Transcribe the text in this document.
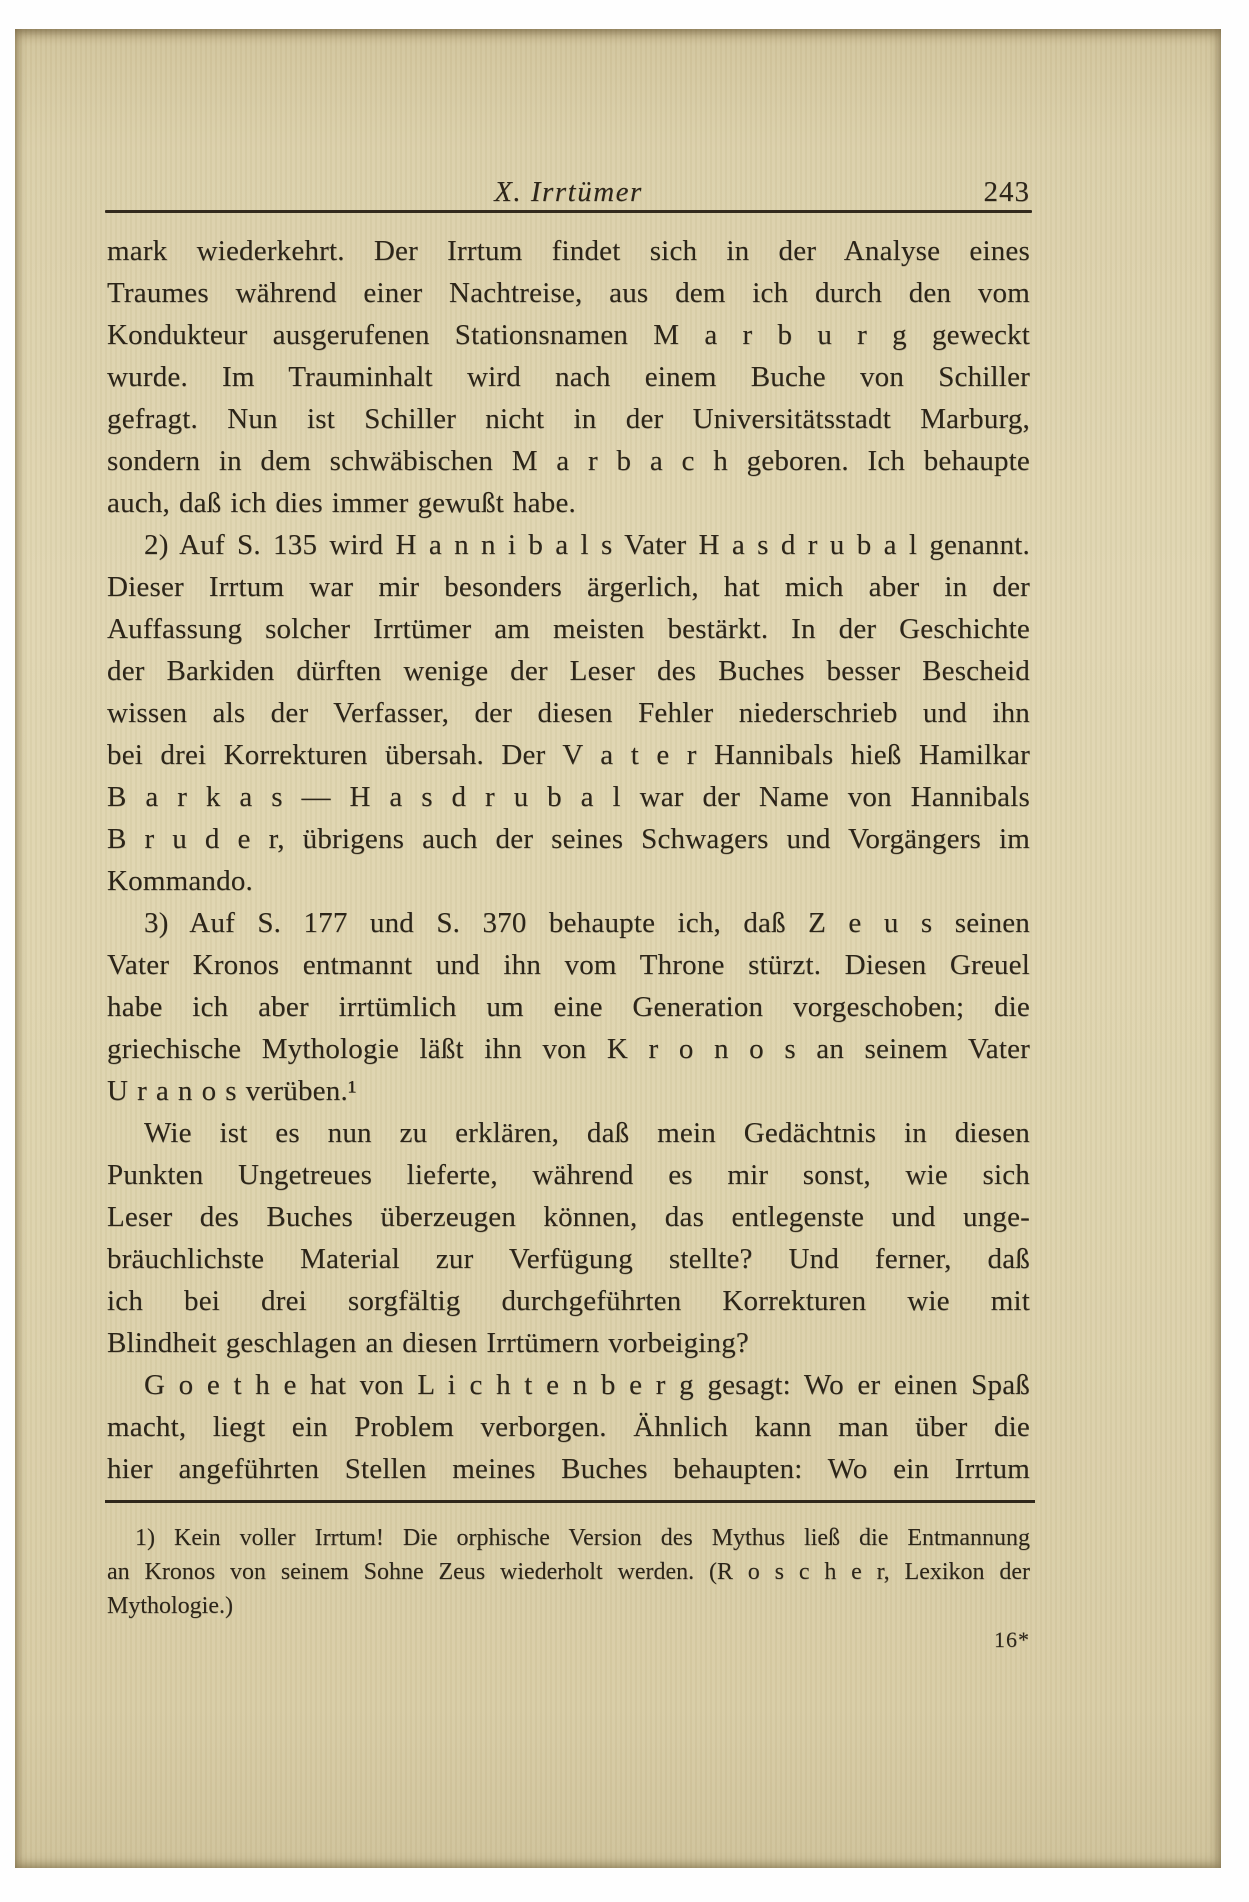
X. Irrtümer	243
mark wiederkehrt. Der Irrtum findet sich in der Analyse eines
Traumes während einer Nachtreise, aus dem ich durch den vom
Kondukteur ausgerufenen Stationsnamen M a r b u r g geweckt
wurde. Im Trauminhalt wird nach einem Buche von Schiller
gefragt. Nun ist Schiller nicht in der Universitätsstadt Marburg,
sondern in dem schwäbischen M a r b a c h geboren. Ich behaupte
auch, daß ich dies immer gewußt habe.
2) Auf S. 135 wird H a n n i b a l s Vater H a s d r u b a l genannt.
Dieser Irrtum war mir besonders ärgerlich, hat mich aber in der
Auffassung solcher Irrtümer am meisten bestärkt. In der Geschichte
der Barkiden dürften wenige der Leser des Buches besser Bescheid
wissen als der Verfasser, der diesen Fehler niederschrieb und ihn
bei drei Korrekturen übersah. Der V a t e r Hannibals hieß Hamilkar
B a r k a s — H a s d r u b a l war der Name von Hannibals
B r u d e r, übrigens auch der seines Schwagers und Vorgängers im
Kommando.
3) Auf S. 177 und S. 370 behaupte ich, daß Z e u s seinen
Vater Kronos entmannt und ihn vom Throne stürzt. Diesen Greuel
habe ich aber irrtümlich um eine Generation vorgeschoben; die
griechische Mythologie läßt ihn von K r o n o s an seinem Vater
U r a n o s verüben.¹
Wie ist es nun zu erklären, daß mein Gedächtnis in diesen
Punkten Ungetreues lieferte, während es mir sonst, wie sich
Leser des Buches überzeugen können, das entlegenste und unge-
bräuchlichste Material zur Verfügung stellte? Und ferner, daß
ich bei drei sorgfältig durchgeführten Korrekturen wie mit
Blindheit geschlagen an diesen Irrtümern vorbeiging?
G o e t h e hat von L i c h t e n b e r g gesagt: Wo er einen Spaß
macht, liegt ein Problem verborgen. Ähnlich kann man über die
hier angeführten Stellen meines Buches behaupten: Wo ein Irrtum
1) Kein voller Irrtum! Die orphische Version des Mythus ließ die Entmannung
an Kronos von seinem Sohne Zeus wiederholt werden. (R o s c h e r, Lexikon der
Mythologie.)
16*
